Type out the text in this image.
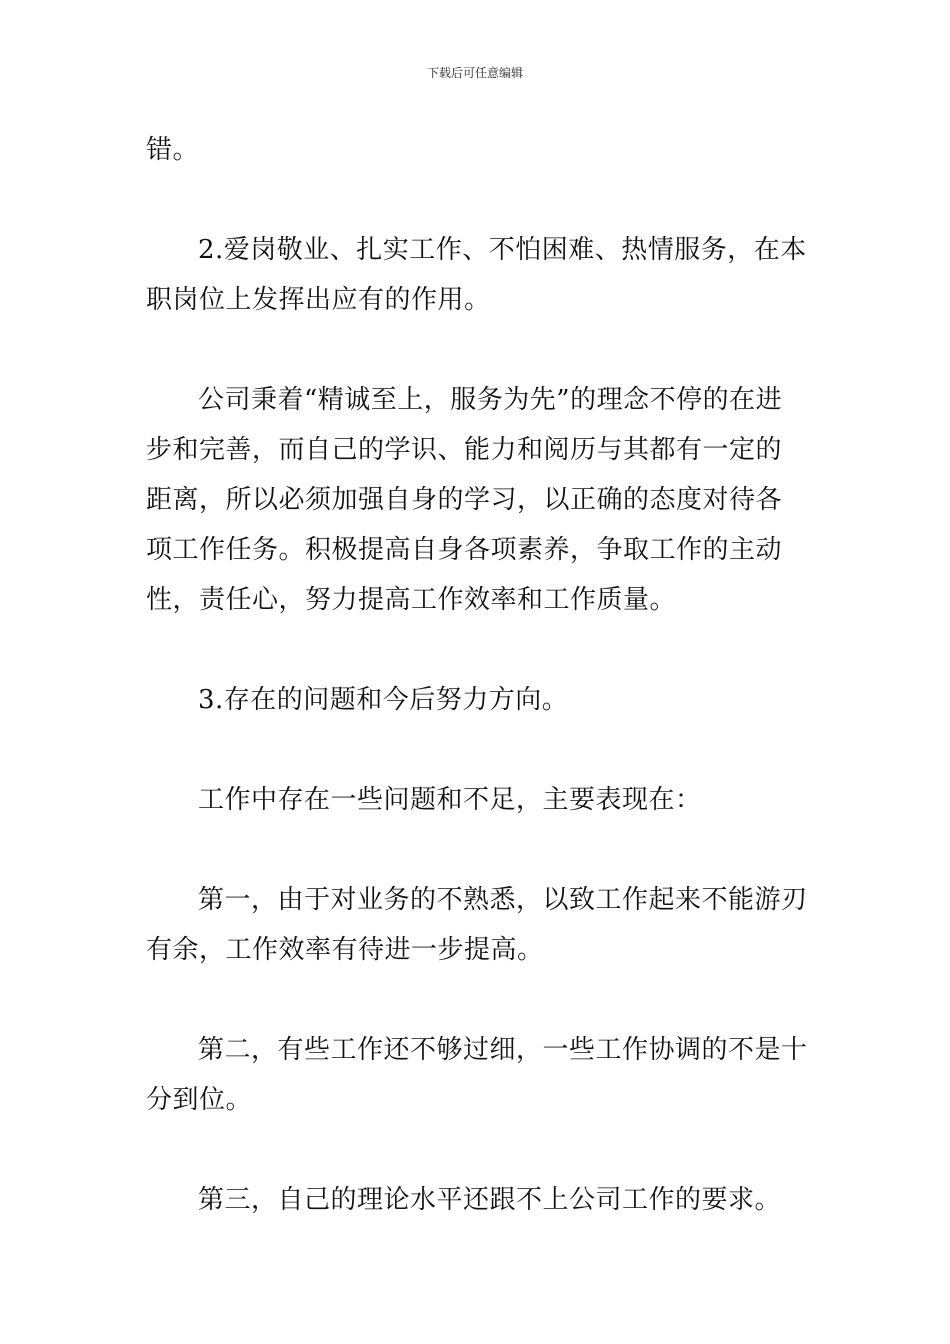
下载后可任意编辑

错。

2.爱岗敬业、扎实工作、不怕困难、热情服务，在本职岗位上发挥出应有的作用。

公司秉着“精诚至上，服务为先”的理念不停的在进步和完善，而自己的学识、能力和阅历与其都有一定的距离，所以必须加强自身的学习，以正确的态度对待各项工作任务。积极提高自身各项素养，争取工作的主动性，责任心，努力提高工作效率和工作质量。

3.存在的问题和今后努力方向。

工作中存在一些问题和不足，主要表现在：

第一，由于对业务的不熟悉，以致工作起来不能游刃有余，工作效率有待进一步提高。

第二，有些工作还不够过细，一些工作协调的不是十分到位。

第三，自己的理论水平还跟不上公司工作的要求。
